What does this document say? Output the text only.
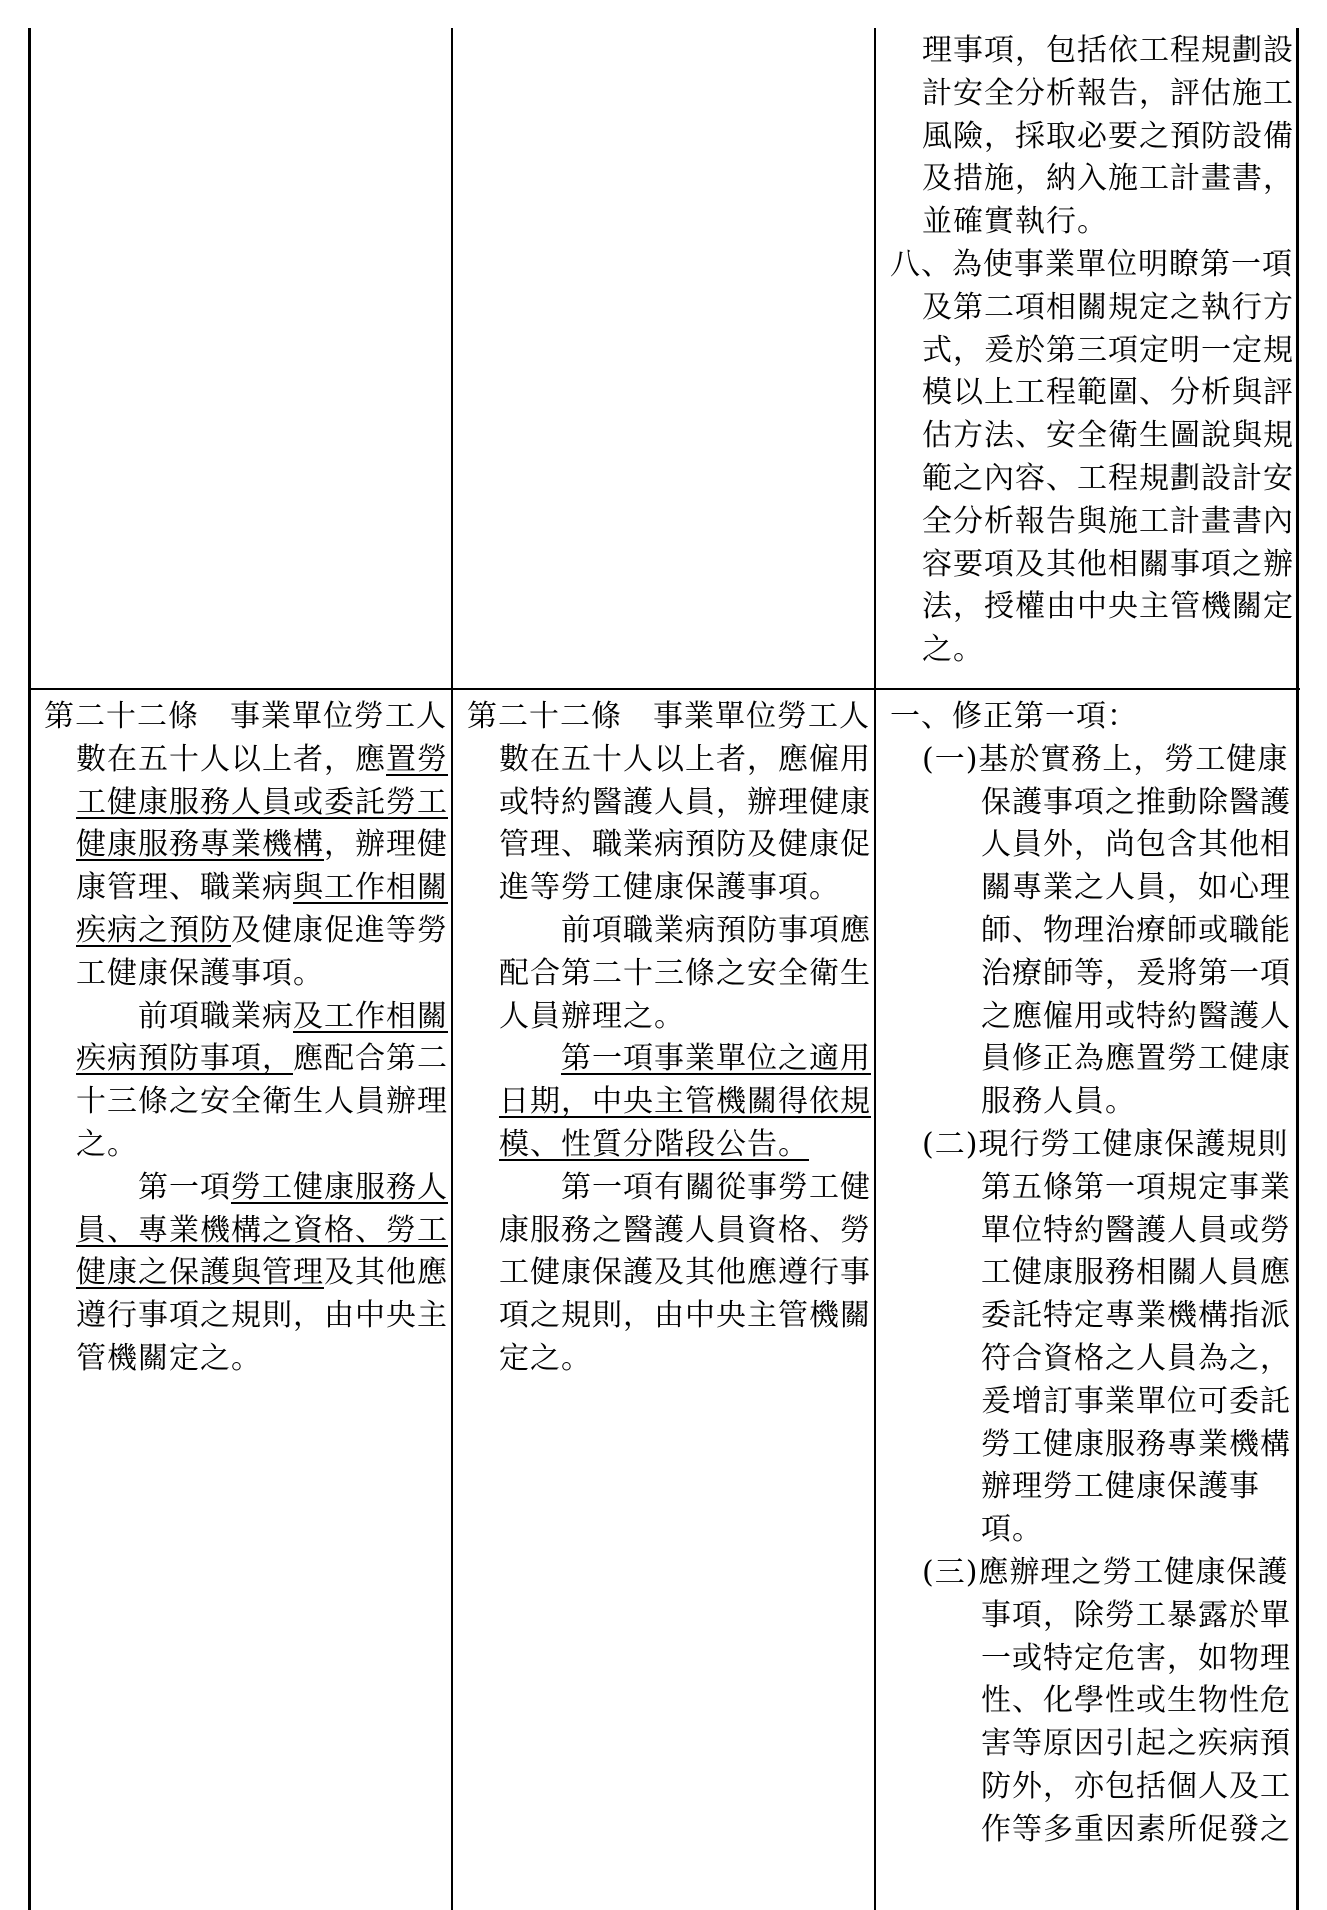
理事項，包括依工程規劃設
計安全分析報告，評估施工
風險，採取必要之預防設備
及措施，納入施工計畫書，
並確實執行。
八、為使事業單位明瞭第一項
及第二項相關規定之執行方
式，爰於第三項定明一定規
模以上工程範圍、分析與評
估方法、安全衛生圖說與規
範之內容、工程規劃設計安
全分析報告與施工計畫書內
容要項及其他相關事項之辦
法，授權由中央主管機關定
之。
第二十二條　事業單位勞工人
數在五十人以上者，應置勞
工健康服務人員或委託勞工
健康服務專業機構，辦理健
康管理、職業病與工作相關
疾病之預防及健康促進等勞
工健康保護事項。
　　前項職業病及工作相關
疾病預防事項，應配合第二
十三條之安全衛生人員辦理
之。
　　第一項勞工健康服務人
員、專業機構之資格、勞工
健康之保護與管理及其他應
遵行事項之規則，由中央主
管機關定之。
第二十二條　事業單位勞工人
數在五十人以上者，應僱用
或特約醫護人員，辦理健康
管理、職業病預防及健康促
進等勞工健康保護事項。
　　前項職業病預防事項應
配合第二十三條之安全衛生
人員辦理之。
　　第一項事業單位之適用
日期，中央主管機關得依規
模、性質分階段公告。
　　第一項有關從事勞工健
康服務之醫護人員資格、勞
工健康保護及其他應遵行事
項之規則，由中央主管機關
定之。
一、修正第一項：
(一)基於實務上，勞工健康
保護事項之推動除醫護
人員外，尚包含其他相
關專業之人員，如心理
師、物理治療師或職能
治療師等，爰將第一項
之應僱用或特約醫護人
員修正為應置勞工健康
服務人員。
(二)現行勞工健康保護規則
第五條第一項規定事業
單位特約醫護人員或勞
工健康服務相關人員應
委託特定專業機構指派
符合資格之人員為之，
爰增訂事業單位可委託
勞工健康服務專業機構
辦理勞工健康保護事
項。
(三)應辦理之勞工健康保護
事項，除勞工暴露於單
一或特定危害，如物理
性、化學性或生物性危
害等原因引起之疾病預
防外，亦包括個人及工
作等多重因素所促發之
